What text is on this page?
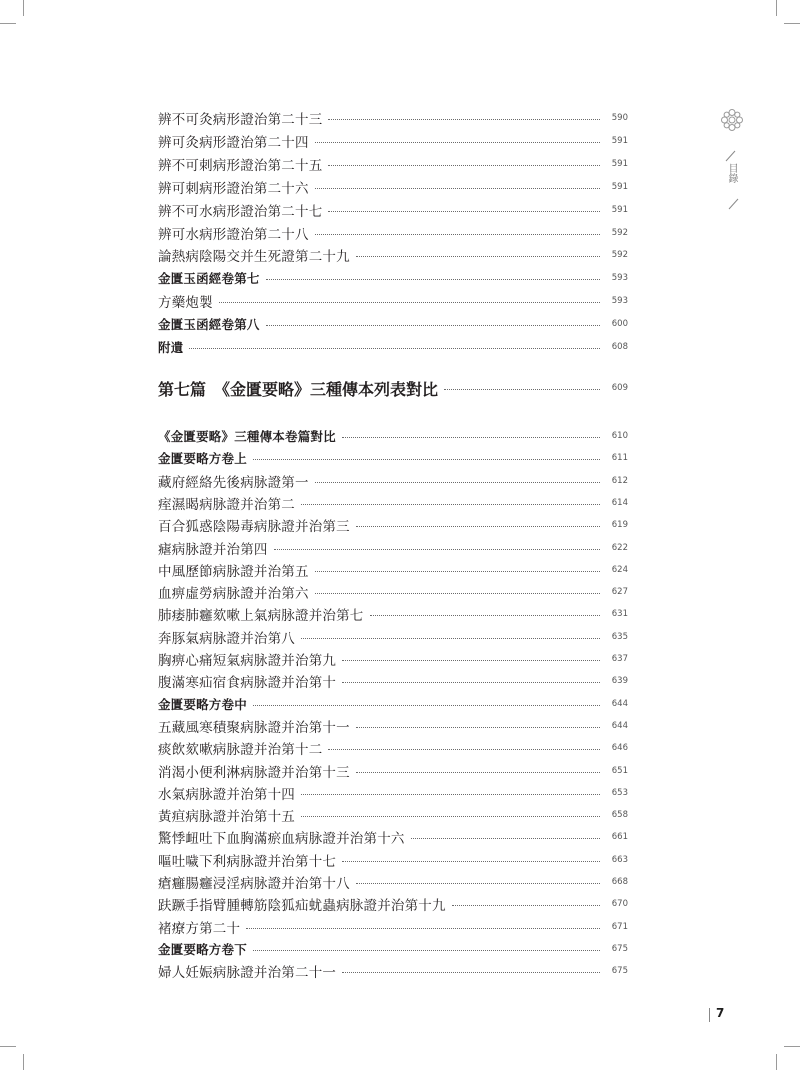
目錄
辨不可灸病形證治第二十三	590
辨可灸病形證治第二十四	591
辨不可刺病形證治第二十五	591
辨可刺病形證治第二十六	591
辨不可水病形證治第二十七	591
辨可水病形證治第二十八	592
論熱病陰陽交并生死證第二十九	592
金匱玉函經卷第七	593
方藥炮製	593
金匱玉函經卷第八	600
附遺	608
第七篇　《金匱要略》三種傳本列表對比	609
《金匱要略》三種傳本卷篇對比	610
金匱要略方卷上	611
藏府經絡先後病脉證第一	612
痓濕暍病脉證并治第二	614
百合狐惑陰陽毒病脉證并治第三	619
瘧病脉證并治第四	622
中風歷節病脉證并治第五	624
血痹虛勞病脉證并治第六	627
肺痿肺癰欬嗽上氣病脉證并治第七	631
奔豚氣病脉證并治第八	635
胸痹心痛短氣病脉證并治第九	637
腹滿寒疝宿食病脉證并治第十	639
金匱要略方卷中	644
五藏風寒積聚病脉證并治第十一	644
痰飲欬嗽病脉證并治第十二	646
消渴小便利淋病脉證并治第十三	651
水氣病脉證并治第十四	653
黃疸病脉證并治第十五	658
驚悸衄吐下血胸滿瘀血病脉證并治第十六	661
嘔吐噦下利病脉證并治第十七	663
瘡癰腸癰浸淫病脉證并治第十八	668
趺蹶手指臂腫轉筋陰狐疝蚘蟲病脉證并治第十九	670
褚療方第二十	671
金匱要略方卷下	675
婦人妊娠病脉證并治第二十一	675
7
